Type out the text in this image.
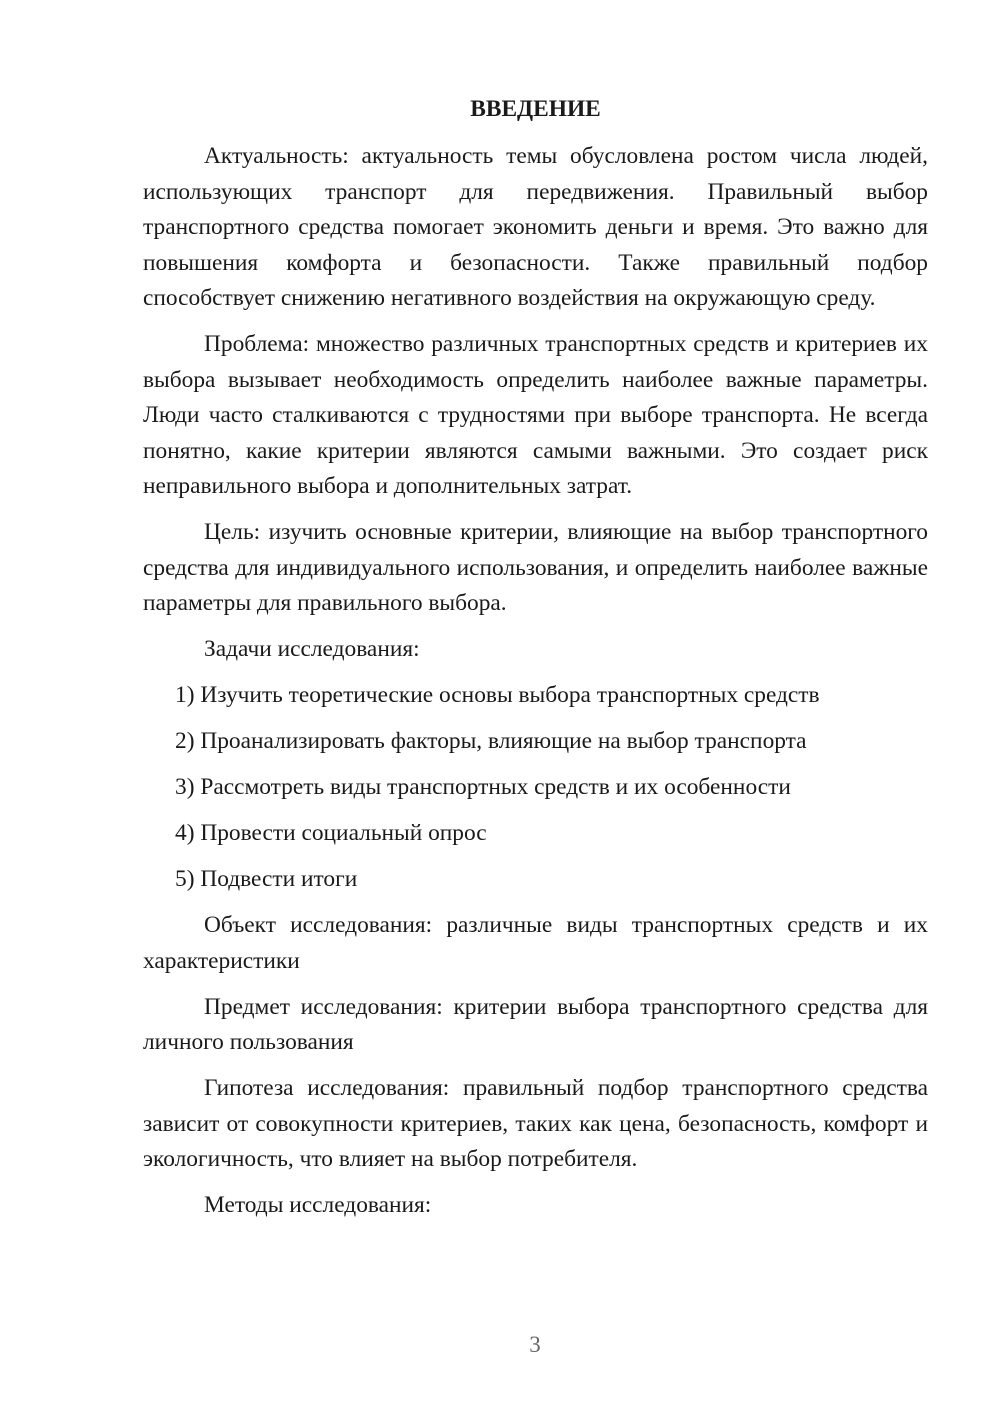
ВВЕДЕНИЕ

Актуальность: актуальность темы обусловлена ростом числа людей, использующих транспорт для передвижения. Правильный выбор транспортного средства помогает экономить деньги и время. Это важно для повышения комфорта и безопасности. Также правильный подбор способствует снижению негативного воздействия на окружающую среду.

Проблема: множество различных транспортных средств и критериев их выбора вызывает необходимость определить наиболее важные параметры. Люди часто сталкиваются с трудностями при выборе транспорта. Не всегда понятно, какие критерии являются самыми важными. Это создает риск неправильного выбора и дополнительных затрат.

Цель: изучить основные критерии, влияющие на выбор транспортного средства для индивидуального использования, и определить наиболее важные параметры для правильного выбора.

Задачи исследования:

1) Изучить теоретические основы выбора транспортных средств
2) Проанализировать факторы, влияющие на выбор транспорта
3) Рассмотреть виды транспортных средств и их особенности
4) Провести социальный опрос
5) Подвести итоги

Объект исследования: различные виды транспортных средств и их характеристики

Предмет исследования: критерии выбора транспортного средства для личного пользования

Гипотеза исследования: правильный подбор транспортного средства зависит от совокупности критериев, таких как цена, безопасность, комфорт и экологичность, что влияет на выбор потребителя.

Методы исследования:

3
